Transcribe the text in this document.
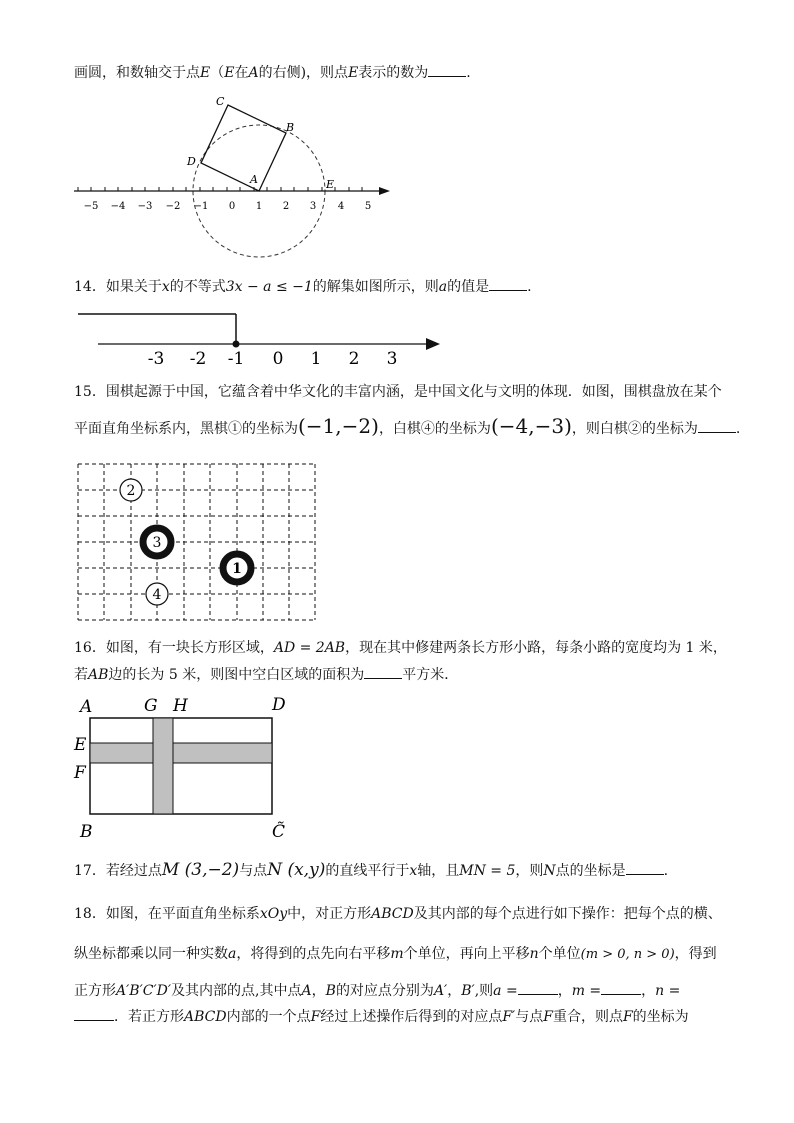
画圆，和数轴交于点E（E在A的右侧)，则点E表示的数为	.
−5 −4 −3 −2 −1 0 1 2 3 4 5
C
B
D
A	E
14．如果关于x的不等式3x − a ≤ −1的解集如图所示，则a的值是	.
-3 -2 -1 0 1 2 3
15．围棋起源于中国，它蕴含着中华文化的丰富内涵，是中国文化与文明的体现．如图，围棋盘放在某个
平面直角坐标系内，黑棋①的坐标为(−1,−2)，白棋④的坐标为(−4,−3)，则白棋②的坐标为	.
2
3
1
4
16．如图，有一块长方形区域，AD = 2AB，现在其中修建两条长方形小路，每条小路的宽度均为 1 米，
若AB边的长为 5 米，则图中空白区域的面积为	平方米．
A	G H	D
E
F
B	C̃
17．若经过点M (3,−2)与点N (x,y)的直线平行于x轴，且MN = 5，则N点的坐标是	.
18．如图，在平面直角坐标系xOy中，对正方形ABCD及其内部的每个点进行如下操作：把每个点的横、
纵坐标都乘以同一种实数a，将得到的点先向右平移m个单位，再向上平移n个单位(m > 0, n > 0)，得到
正方形A′B′C′D′及其内部的点,其中点A，B的对应点分别为A′，B′,则a =	，m =	，n =
．若正方形ABCD内部的一个点F经过上述操作后得到的对应点F′与点F重合，则点F的坐标为
